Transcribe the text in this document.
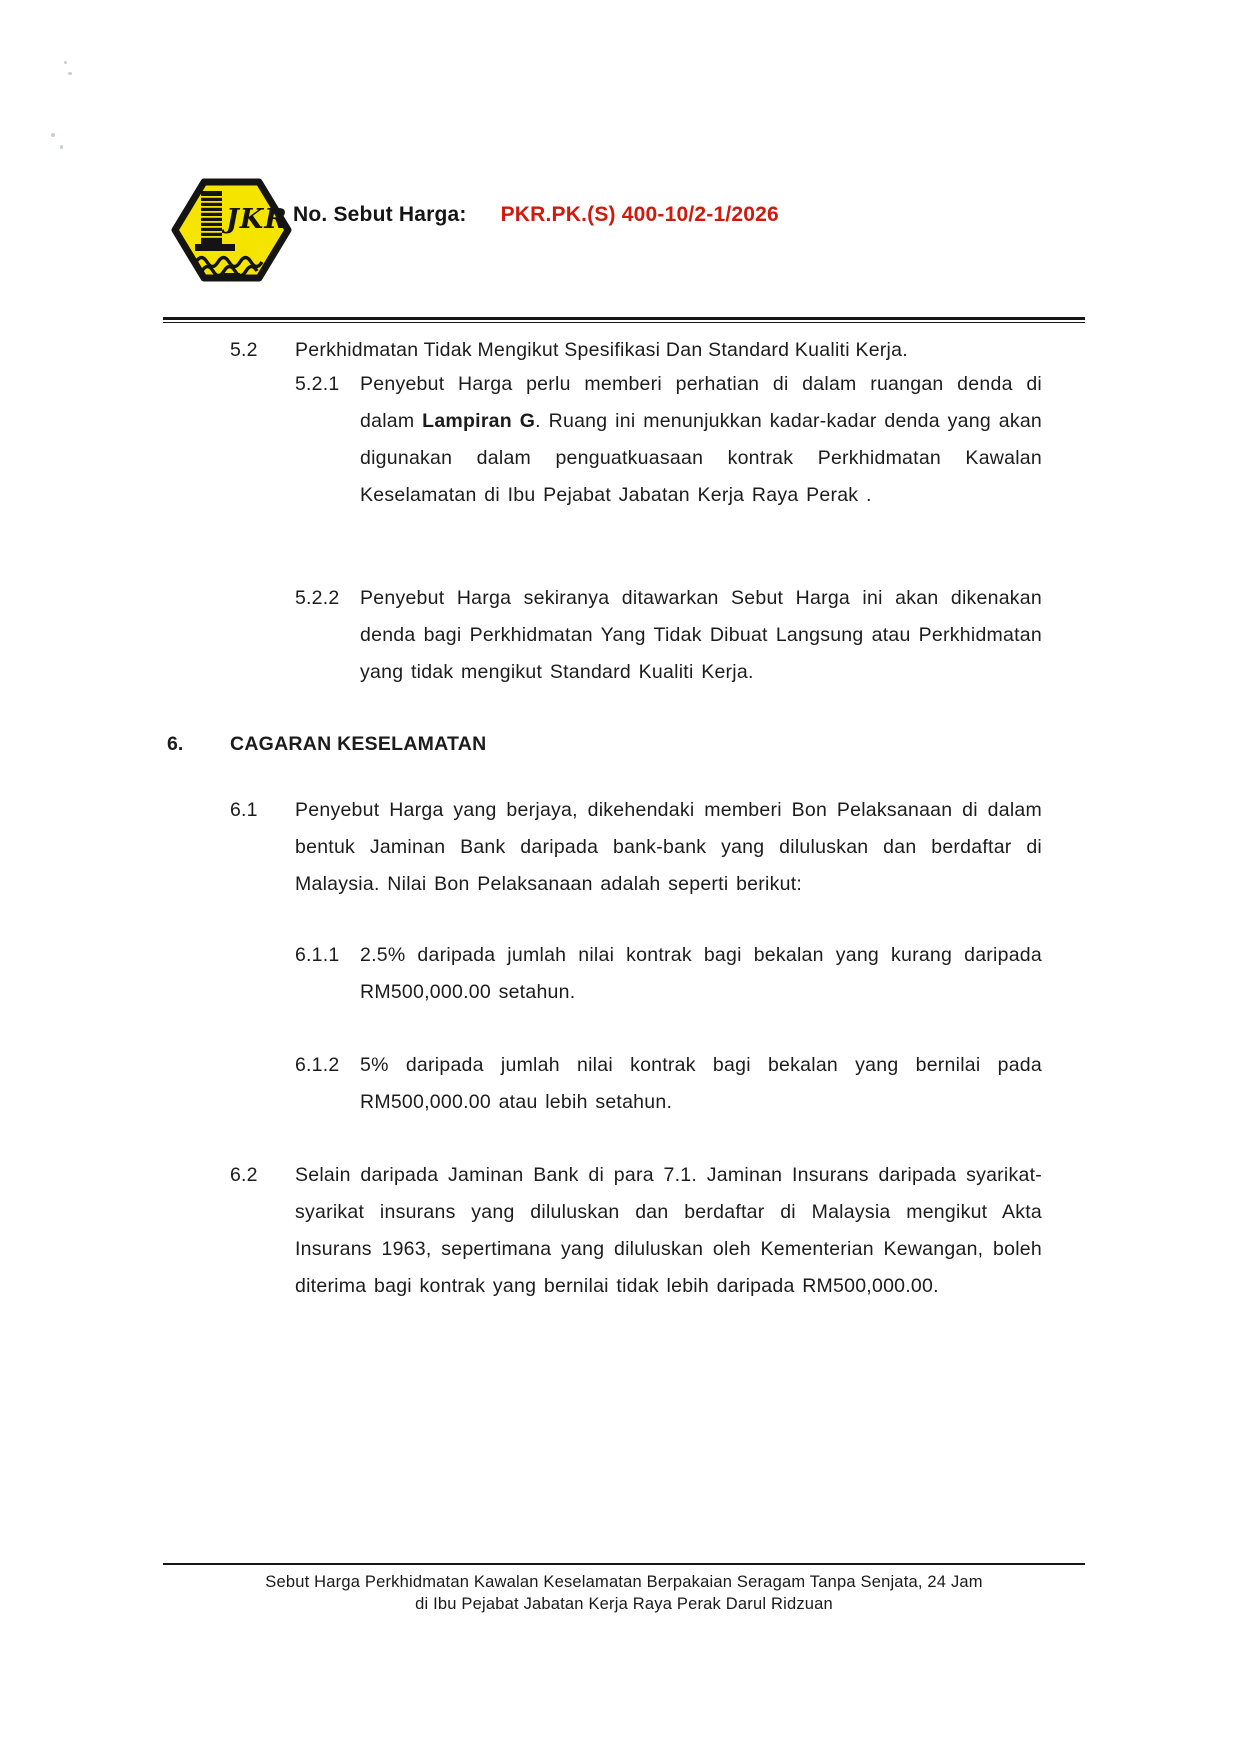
JKR No. Sebut Harga: PKR.PK.(S) 400-10/2-1/2026
5.2	Perkhidmatan Tidak Mengikut Spesifikasi Dan Standard Kualiti Kerja.
5.2.1	Penyebut Harga perlu memberi perhatian di dalam ruangan denda di dalam Lampiran G. Ruang ini menunjukkan kadar-kadar denda yang akan digunakan dalam penguatkuasaan kontrak Perkhidmatan Kawalan Keselamatan di Ibu Pejabat Jabatan Kerja Raya Perak .
5.2.2	Penyebut Harga sekiranya ditawarkan Sebut Harga ini akan dikenakan denda bagi Perkhidmatan Yang Tidak Dibuat Langsung atau Perkhidmatan yang tidak mengikut Standard Kualiti Kerja.
6.	CAGARAN KESELAMATAN
6.1	Penyebut Harga yang berjaya, dikehendaki memberi Bon Pelaksanaan di dalam bentuk Jaminan Bank daripada bank-bank yang diluluskan dan berdaftar di Malaysia. Nilai Bon Pelaksanaan adalah seperti berikut:
6.1.1	2.5% daripada jumlah nilai kontrak bagi bekalan yang kurang daripada RM500,000.00 setahun.
6.1.2	5% daripada jumlah nilai kontrak bagi bekalan yang bernilai pada RM500,000.00 atau lebih setahun.
6.2	Selain daripada Jaminan Bank di para 7.1. Jaminan Insurans daripada syarikat-syarikat insurans yang diluluskan dan berdaftar di Malaysia mengikut Akta Insurans 1963, sepertimana yang diluluskan oleh Kementerian Kewangan, boleh diterima bagi kontrak yang bernilai tidak lebih daripada RM500,000.00.
Sebut Harga Perkhidmatan Kawalan Keselamatan Berpakaian Seragam Tanpa Senjata, 24 Jam
di Ibu Pejabat Jabatan Kerja Raya Perak Darul Ridzuan
